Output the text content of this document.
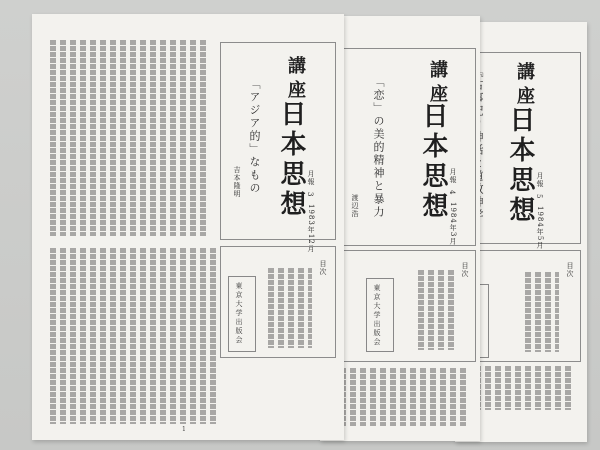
講座
日本思想 月報
5
1984年5月
目次
講座
日本思想 月報
4
1984年3月
「恋」の美的精神と暴力
渡辺浩
目次
東京大学出版会
講座
日本思想 月報
3
1983年12月
「アジア的」なもの
吉本隆明
目次
東京大学出版会
1
